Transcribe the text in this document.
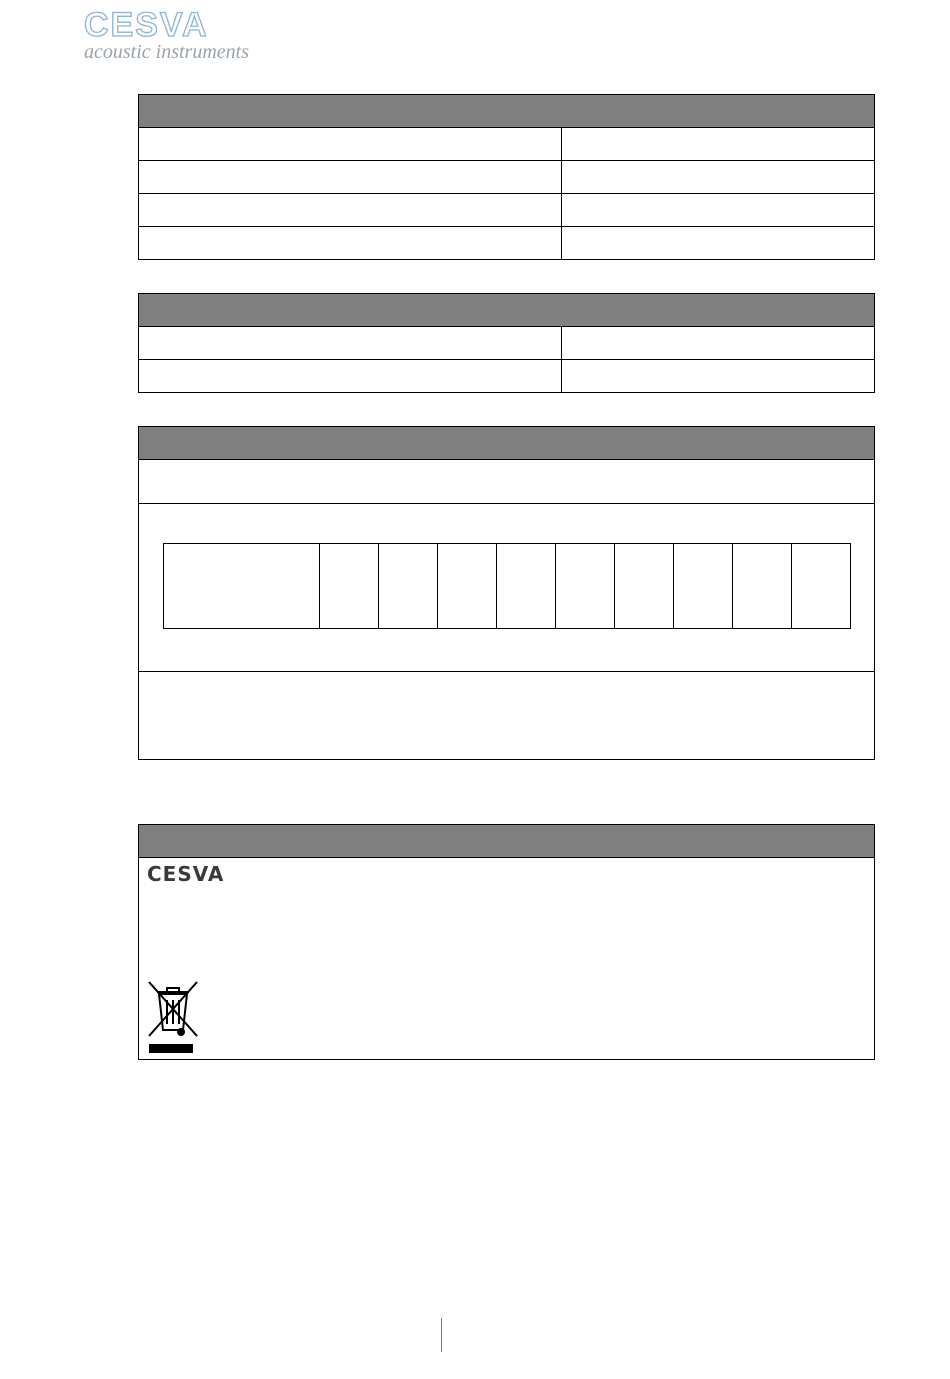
CESVA
acoustic instruments
CESVA
